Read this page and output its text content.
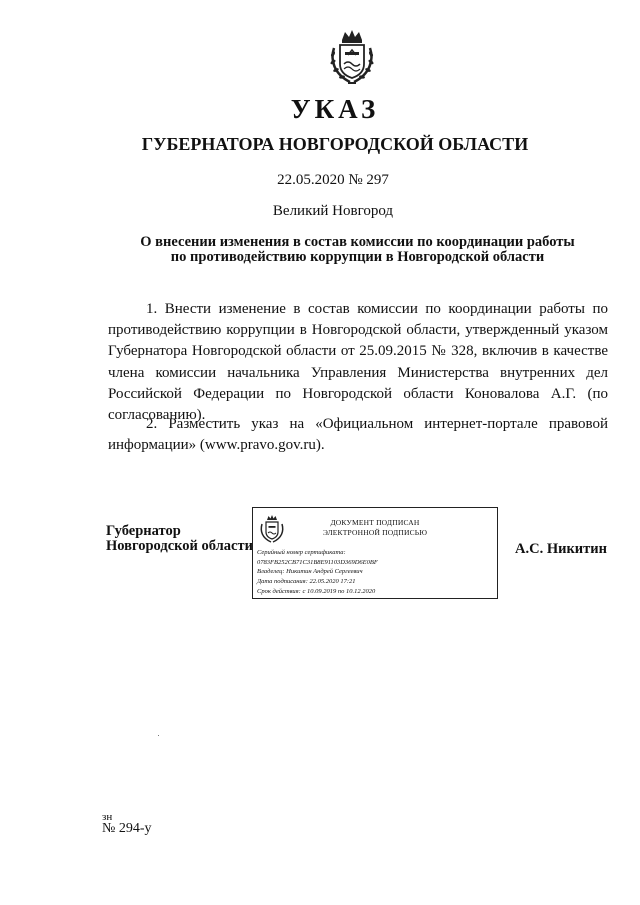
УКАЗ
ГУБЕРНАТОРА НОВГОРОДСКОЙ ОБЛАСТИ
22.05.2020 № 297
Великий Новгород
О внесении изменения в состав комиссии по координации работы
по противодействию коррупции в Новгородской области

1. Внести изменение в состав комиссии по координации работы по противодействию коррупции в Новгородской области, утвержденный указом Губернатора Новгородской области от 25.09.2015 № 328, включив в качестве члена комиссии начальника Управления Министерства внутренних дел Российской Федерации по Новгородской области Коновалова А.Г. (по согласованию).

2. Разместить указ на «Официальном интернет-портале правовой информации» (www.pravo.gov.ru).

Губернатор
Новгородской области
ДОКУМЕНТ ПОДПИСАН
ЭЛЕКТРОННОЙ ПОДПИСЬЮ
Серийный номер сертификата:
0783FB252CB71C31B8E91103D369D6E0BF
Владелец: Никитин Андрей Сергеевич
Дата подписания: 22.05.2020 17:21
Срок действия: с 10.09.2019 по 10.12.2020
А.С. Никитин
зн
№ 294-у
